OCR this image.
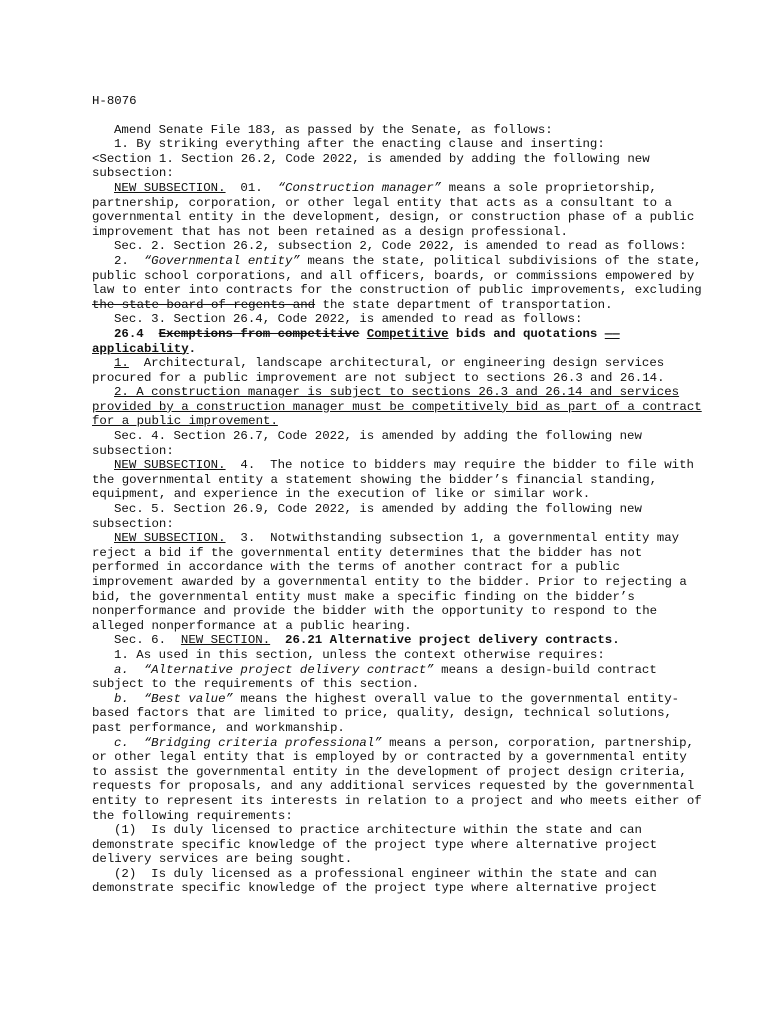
H-8076

Amend Senate File 183, as passed by the Senate, as follows:

1. By striking everything after the enacting clause and inserting:

<Section 1. Section 26.2, Code 2022, is amended by adding the following new subsection:

NEW SUBSECTION.  01.  “Construction manager” means a sole proprietorship, partnership, corporation, or other legal entity that acts as a consultant to a governmental entity in the development, design, or construction phase of a public improvement that has not been retained as a design professional.

Sec. 2. Section 26.2, subsection 2, Code 2022, is amended to read as follows:

2.  “Governmental entity” means the state, political subdivisions of the state, public school corporations, and all officers, boards, or commissions empowered by law to enter into contracts for the construction of public improvements, excluding the state board of regents and the state department of transportation.

Sec. 3. Section 26.4, Code 2022, is amended to read as follows:

26.4  Exemptions from competitive Competitive bids and quotations —— applicability.

1.  Architectural, landscape architectural, or engineering design services procured for a public improvement are not subject to sections 26.3 and 26.14.

2. A construction manager is subject to sections 26.3 and 26.14 and services provided by a construction manager must be competitively bid as part of a contract for a public improvement.

Sec. 4. Section 26.7, Code 2022, is amended by adding the following new subsection:

NEW SUBSECTION.  4.  The notice to bidders may require the bidder to file with the governmental entity a statement showing the bidder’s financial standing, equipment, and experience in the execution of like or similar work.

Sec. 5. Section 26.9, Code 2022, is amended by adding the following new subsection:

NEW SUBSECTION.  3.  Notwithstanding subsection 1, a governmental entity may reject a bid if the governmental entity determines that the bidder has not performed in accordance with the terms of another contract for a public improvement awarded by a governmental entity to the bidder. Prior to rejecting a bid, the governmental entity must make a specific finding on the bidder’s nonperformance and provide the bidder with the opportunity to respond to the alleged nonperformance at a public hearing.

Sec. 6.  NEW SECTION. 26.21 Alternative project delivery contracts.

1. As used in this section, unless the context otherwise requires:

a.  “Alternative project delivery contract” means a design-build contract subject to the requirements of this section.

b.  “Best value” means the highest overall value to the governmental entity-based factors that are limited to price, quality, design, technical solutions, past performance, and workmanship.

c.  “Bridging criteria professional” means a person, corporation, partnership, or other legal entity that is employed by or contracted by a governmental entity to assist the governmental entity in the development of project design criteria, requests for proposals, and any additional services requested by the governmental entity to represent its interests in relation to a project and who meets either of the following requirements:

(1)  Is duly licensed to practice architecture within the state and can demonstrate specific knowledge of the project type where alternative project delivery services are being sought.

(2)  Is duly licensed as a professional engineer within the state and can demonstrate specific knowledge of the project type where alternative project
